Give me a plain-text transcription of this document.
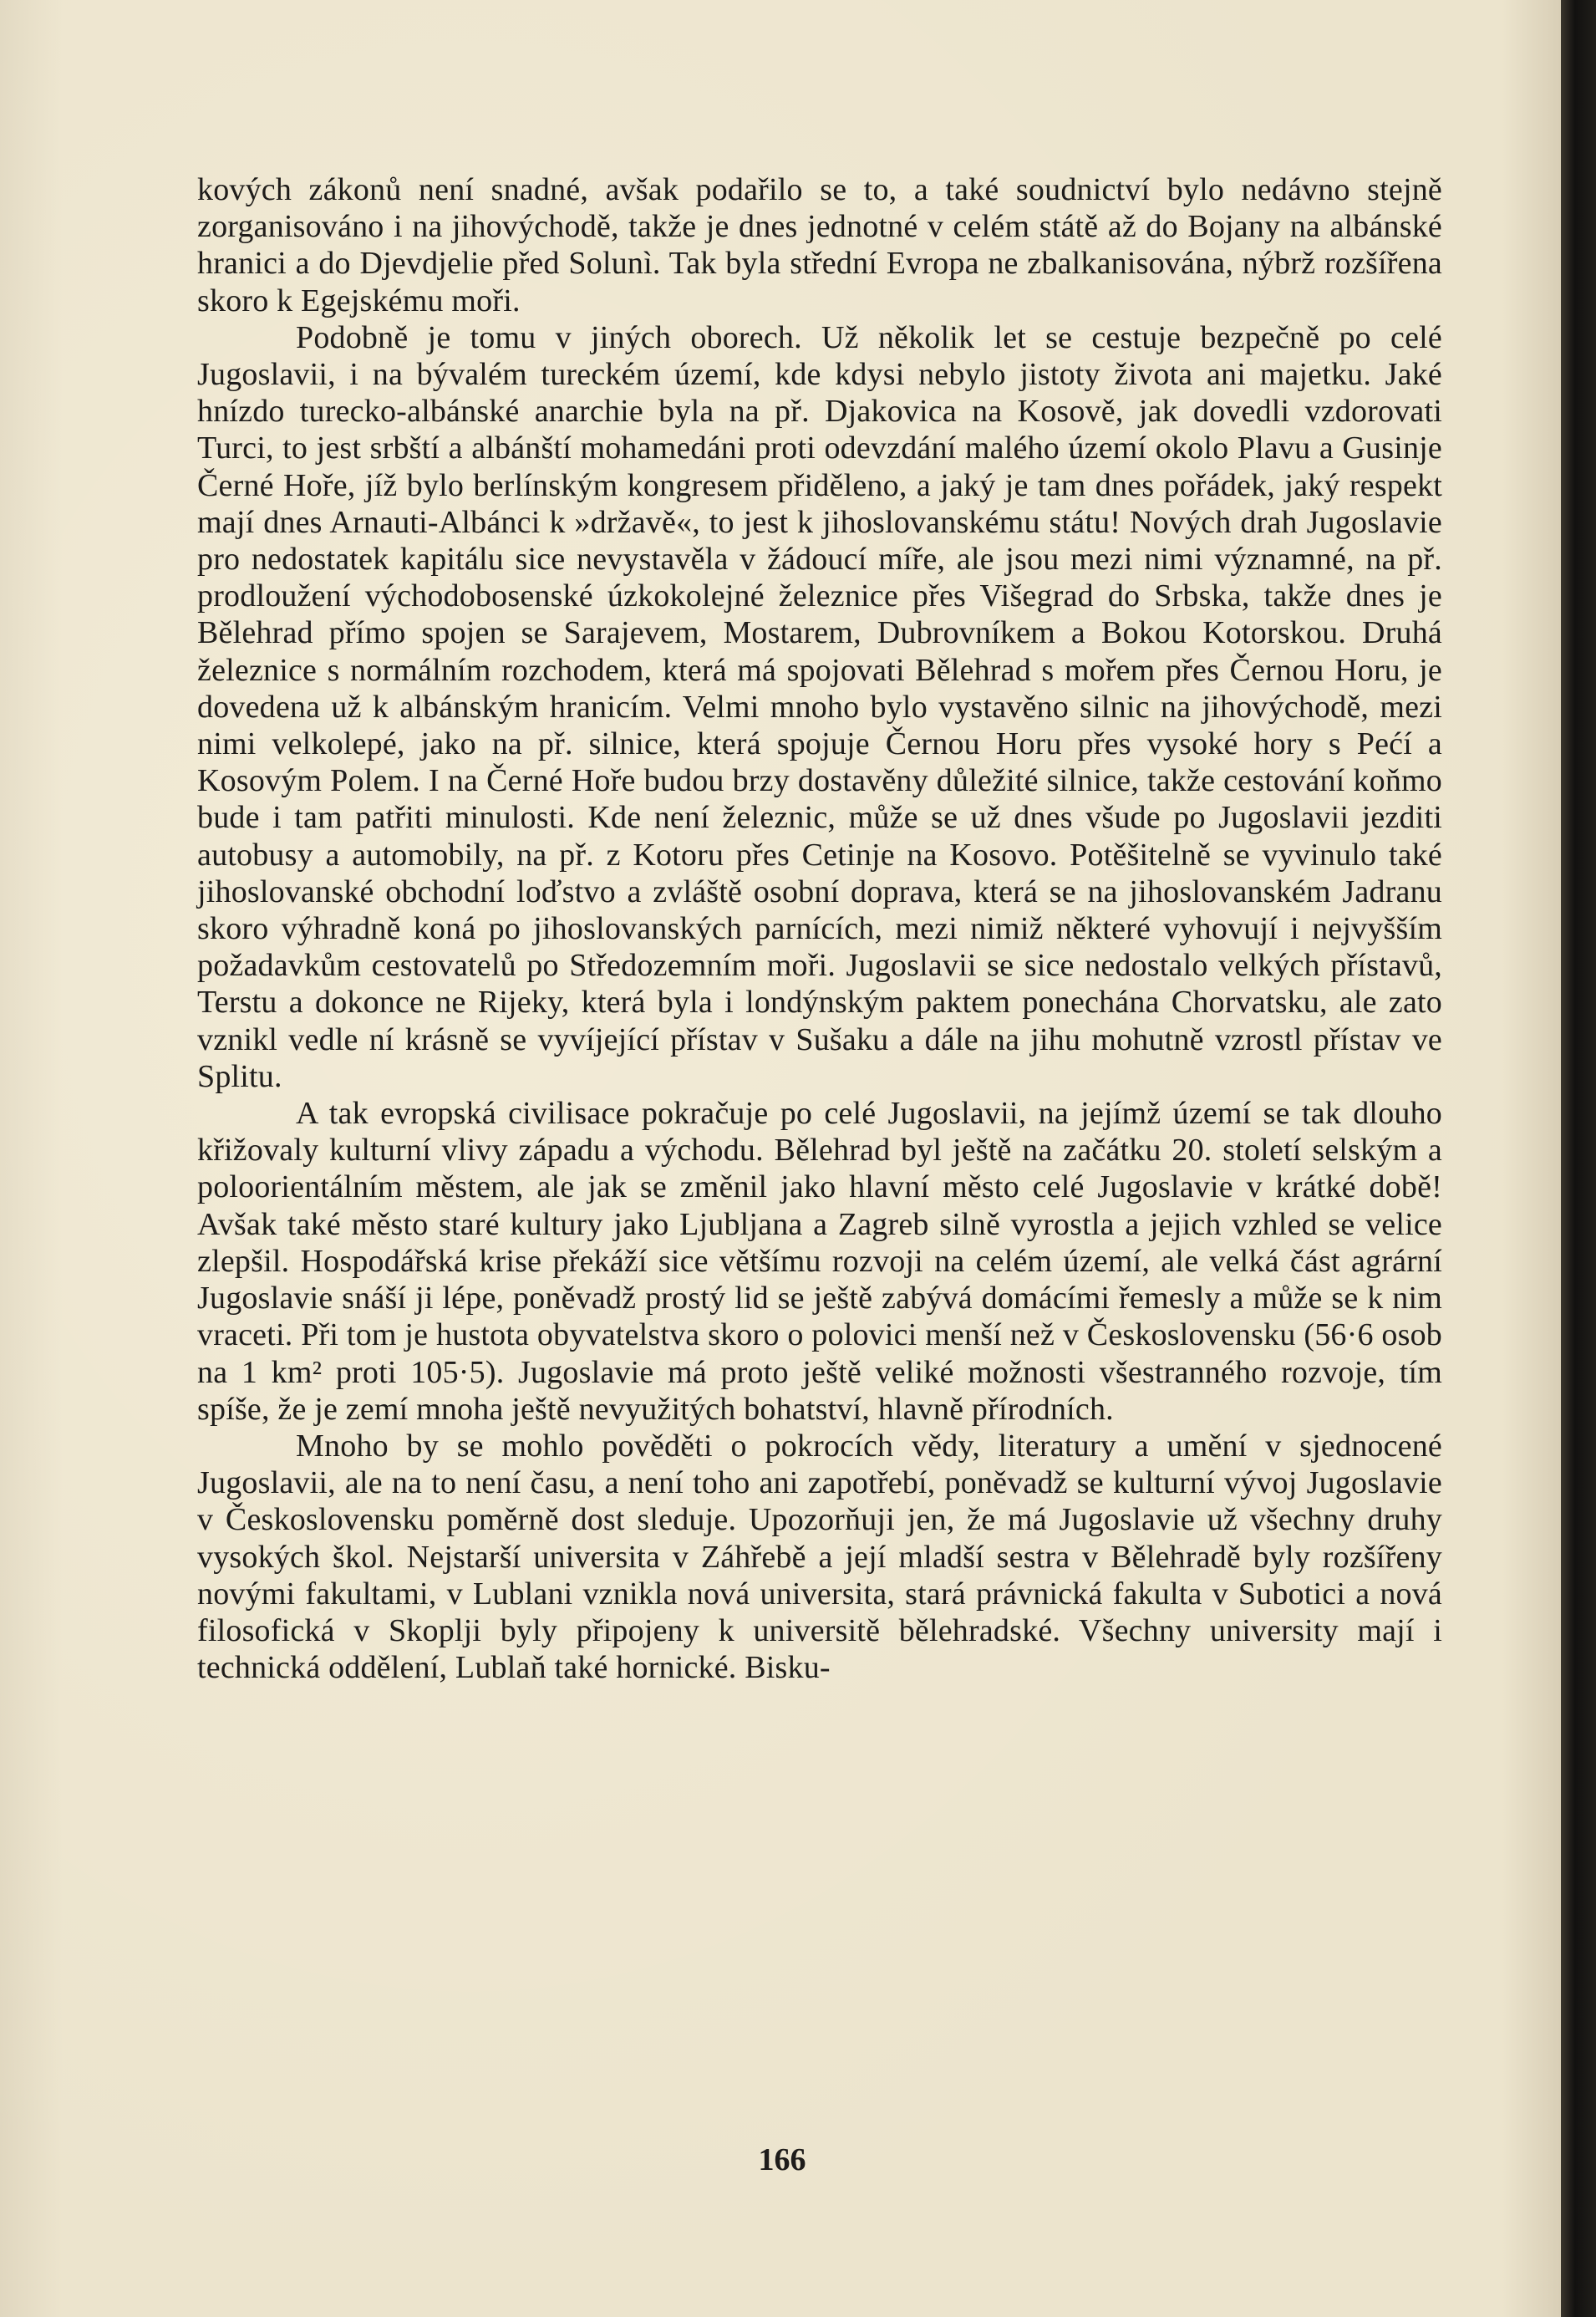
kových zákonů není snadné, avšak podařilo se to, a také soudnictví bylo nedávno stejně zorganisováno i na jihovýchodě, takže je dnes jednotné v celém státě až do Bojany na albánské hranici a do Djevdjelie před Solunì. Tak byla střední Evropa ne zbalkanisována, nýbrž rozšířena skoro k Egejskému moři.

Podobně je tomu v jiných oborech. Už několik let se cestuje bezpečně po celé Jugoslavii, i na bývalém tureckém území, kde kdysi nebylo jistoty života ani majetku. Jaké hnízdo turecko-albánské anarchie byla na př. Djakovica na Kosově, jak dovedli vzdorovati Turci, to jest srbští a albánští mohamedáni proti odevzdání malého území okolo Plavu a Gusinje Černé Hoře, jíž bylo berlínským kongresem přiděleno, a jaký je tam dnes pořádek, jaký respekt mají dnes Arnauti-Albánci k »državě«, to jest k jihoslovanskému státu! Nových drah Jugoslavie pro nedostatek kapitálu sice nevystavěla v žádoucí míře, ale jsou mezi nimi významné, na př. prodloužení východobosenské úzkokolejné železnice přes Višegrad do Srbska, takže dnes je Bělehrad přímo spojen se Sarajevem, Mostarem, Dubrovníkem a Bokou Kotorskou. Druhá železnice s normálním rozchodem, která má spojovati Bělehrad s mořem přes Černou Horu, je dovedena už k albánským hranicím. Velmi mnoho bylo vystavěno silnic na jihovýchodě, mezi nimi velkolepé, jako na př. silnice, která spojuje Černou Horu přes vysoké hory s Pećí a Kosovým Polem. I na Černé Hoře budou brzy dostavěny důležité silnice, takže cestování koňmo bude i tam patřiti minulosti. Kde není železnic, může se už dnes všude po Jugoslavii jezditi autobusy a automobily, na př. z Kotoru přes Cetinje na Kosovo. Potěšitelně se vyvinulo také jihoslovanské obchodní loďstvo a zvláště osobní doprava, která se na jihoslovanském Jadranu skoro výhradně koná po jihoslovanských parnících, mezi nimiž některé vyhovují i nejvyšším požadavkům cestovatelů po Středozemním moři. Jugoslavii se sice nedostalo velkých přístavů, Terstu a dokonce ne Rijeky, která byla i londýnským paktem ponechána Chorvatsku, ale zato vznikl vedle ní krásně se vyvíjející přístav v Sušaku a dále na jihu mohutně vzrostl přístav ve Splitu.

A tak evropská civilisace pokračuje po celé Jugoslavii, na jejímž území se tak dlouho křižovaly kulturní vlivy západu a východu. Bělehrad byl ještě na začátku 20. století selským a poloorientálním městem, ale jak se změnil jako hlavní město celé Jugoslavie v krátké době! Avšak také město staré kultury jako Ljubljana a Zagreb silně vyrostla a jejich vzhled se velice zlepšil. Hospodářská krise překáží sice většímu rozvoji na celém území, ale velká část agrární Jugoslavie snáší ji lépe, poněvadž prostý lid se ještě zabývá domácími řemesly a může se k nim vraceti. Při tom je hustota obyvatelstva skoro o polovici menší než v Československu (56·6 osob na 1 km² proti 105·5). Jugoslavie má proto ještě veliké možnosti všestranného rozvoje, tím spíše, že je zemí mnoha ještě nevyužitých bohatství, hlavně přírodních.

Mnoho by se mohlo pověděti o pokrocích vědy, literatury a umění v sjednocené Jugoslavii, ale na to není času, a není toho ani zapotřebí, poněvadž se kulturní vývoj Jugoslavie v Československu poměrně dost sleduje. Upozorňuji jen, že má Jugoslavie už všechny druhy vysokých škol. Nejstarší universita v Záhřebě a její mladší sestra v Bělehradě byly rozšířeny novými fakultami, v Lublani vznikla nová universita, stará právnická fakulta v Subotici a nová filosofická v Skoplji byly připojeny k universitě bělehradské. Všechny university mají i technická oddělení, Lublaň také hornické. Bisku-

166
